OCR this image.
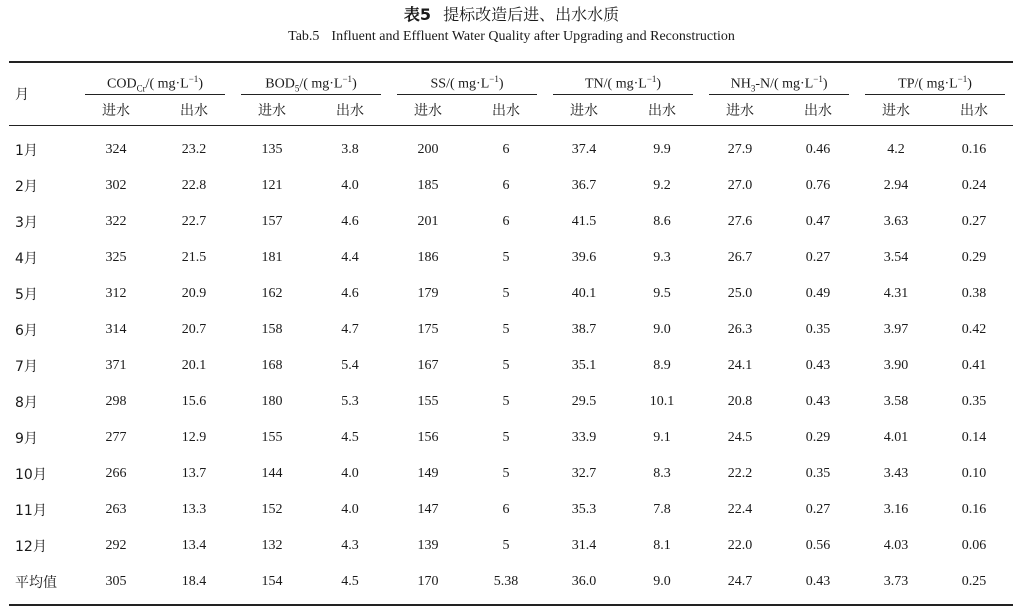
表5 提标改造后进、出水水质
Tab.5 Influent and Effluent Water Quality after Upgrading and Reconstruction
月	$COD_{Cr}/$( $mg\cdot L^{-1}$)		$BOD_5/$( $mg\cdot L^{-1}$)		SS/( $mg\cdot L^{-1}$)		TN/( $mg\cdot L^{-1}$)		$NH_3-N/$( $mg\cdot L^{-1}$)		TP/( $mg\cdot L^{-1}$)	

	进水	出水	进水	出水	进水	出水	进水	出水	进水	出水	进水	出水
1月	324	23.2	135	3.8	200	6	37.4	9.9	27.9	0.46	4.2	0.16
2月	302	22.8	121	4.0	185	6	36.7	9.2	27.0	0.76	2.94	0.24
3月	322	22.7	157	4.6	201	6	41.5	8.6	27.6	0.47	3.63	0.27
4月	325	21.5	181	4.4	186	5	39.6	9.3	26.7	0.27	3.54	0.29
5月	312	20.9	162	4.6	179	5	40.1	9.5	25.0	0.49	4.31	0.38
6月	314	20.7	158	4.7	175	5	38.7	9.0	26.3	0.35	3.97	0.42
7月	371	20.1	168	5.4	167	5	35.1	8.9	24.1	0.43	3.90	0.41
8月	298	15.6	180	5.3	155	5	29.5	10.1	20.8	0.43	3.58	0.35
9月	277	12.9	155	4.5	156	5	33.9	9.1	24.5	0.29	4.01	0.14
10月	266	13.7	144	4.0	149	5	32.7	8.3	22.2	0.35	3.43	0.10
11月	263	13.3	152	4.0	147	6	35.3	7.8	22.4	0.27	3.16	0.16
12月	292	13.4	132	4.3	139	5	31.4	8.1	22.0	0.56	4.03	0.06
平均值	305	18.4	154	4.5	170	5.38	36.0	9.0	24.7	0.43	3.73	0.25
